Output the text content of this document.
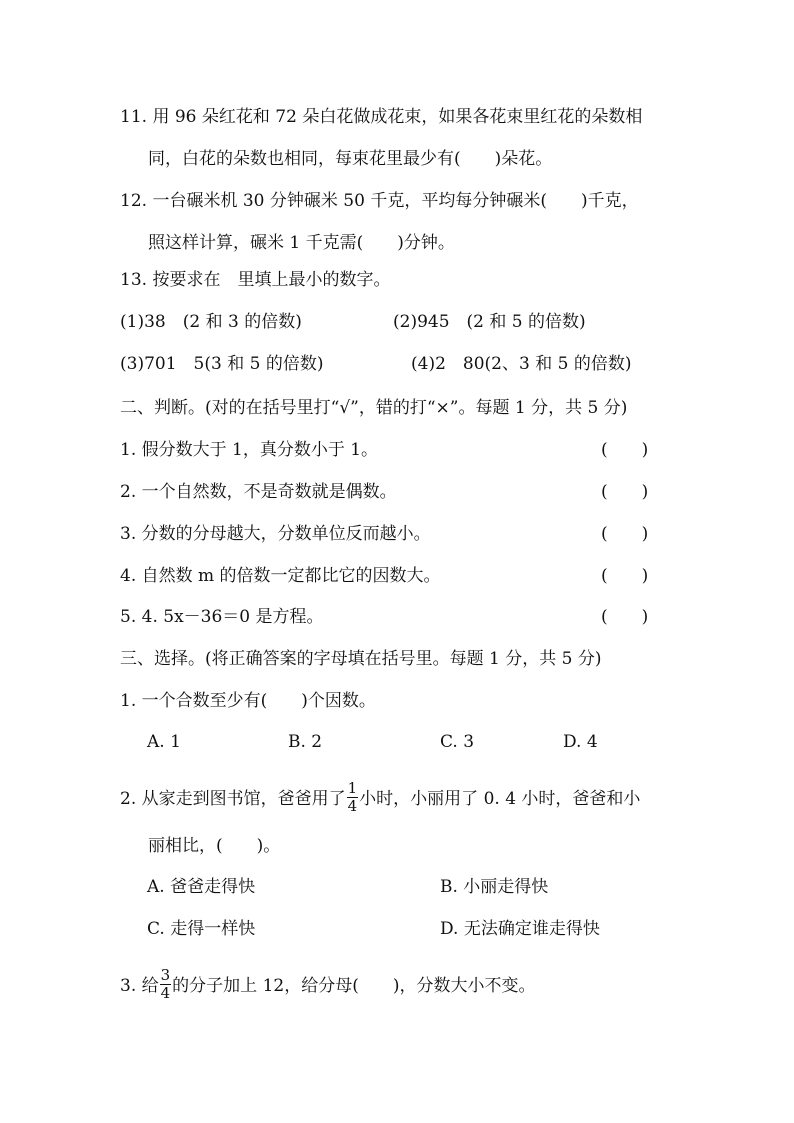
11. 用 96 朵红花和 72 朵白花做成花束，如果各花束里红花的朵数相
同，白花的朵数也相同，每束花里最少有(　　)朵花。
12. 一台碾米机 30 分钟碾米 50 千克，平均每分钟碾米(　　)千克，
照这样计算，碾米 1 千克需(　　)分钟。
13. 按要求在　里填上最小的数字。
(1)38　(2 和 3 的倍数)	(2)945　(2 和 5 的倍数)
(3)701　5(3 和 5 的倍数)	(4)2　80(2、3 和 5 的倍数)
二、判断。(对的在括号里打“√”，错的打“×”。每题 1 分，共 5 分)
1. 假分数大于 1，真分数小于 1。	(　　)
2. 一个自然数，不是奇数就是偶数。	(　　)
3. 分数的分母越大，分数单位反而越小。	(　　)
4. 自然数 m 的倍数一定都比它的因数大。	(　　)
5. 4. 5x－36＝0 是方程。	(　　)
三、选择。(将正确答案的字母填在括号里。每题 1 分，共 5 分)
1. 一个合数至少有(　　)个因数。
A. 1	B. 2	C. 3	D. 4
2. 从家走到图书馆，爸爸用了 $\frac{1}{4}$ 小时，小丽用了 0. 4 小时，爸爸和小
丽相比，(　　)。
A. 爸爸走得快	B. 小丽走得快
C. 走得一样快	D. 无法确定谁走得快
3. 给 $\frac{3}{4}$ 的分子加上 12，给分母(　　)，分数大小不变。
